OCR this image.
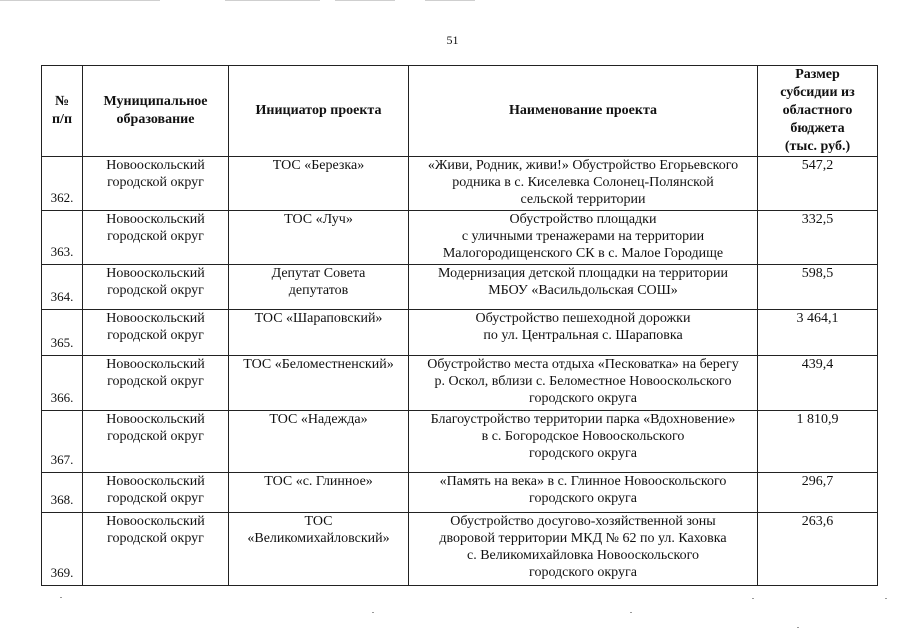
51
№
п/п	Муниципальное
образование	Инициатор проекта	Наименование проекта	Размер
субсидии из
областного
бюджета
(тыс. руб.)
362.	Новооскольский
городской округ	ТОС «Березка»	«Живи, Родник, живи!» Обустройство Егорьевского
родника в с. Киселевка Солонец-Полянской
сельской территории	547,2
363.	Новооскольский
городской округ	ТОС «Луч»	Обустройство площадки
с уличными тренажерами на территории
Малогородищенского СК в с. Малое Городище	332,5
364.	Новооскольский
городской округ	Депутат Совета
депутатов	Модернизация детской площадки на территории
МБОУ «Васильдольская СОШ»	598,5
365.	Новооскольский
городской округ	ТОС «Шараповский»	Обустройство пешеходной дорожки
по ул. Центральная с. Шараповка	3 464,1
366.	Новооскольский
городской округ	ТОС «Беломестненский»	Обустройство места отдыха «Песковатка» на берегу
р. Оскол, вблизи с. Беломестное Новооскольского
городского округа	439,4
367.	Новооскольский
городской округ	ТОС «Надежда»	Благоустройство территории парка «Вдохновение»
в с. Богородское Новооскольского
городского округа	1 810,9
368.	Новооскольский
городской округ	ТОС «с. Глинное»	«Память на века» в с. Глинное Новооскольского
городского округа	296,7
369.	Новооскольский
городской округ	ТОС
«Великомихайловский»	Обустройство досугово-хозяйственной зоны
дворовой территории МКД № 62 по ул. Каховка
с. Великомихайловка Новооскольского
городского округа	263,6
